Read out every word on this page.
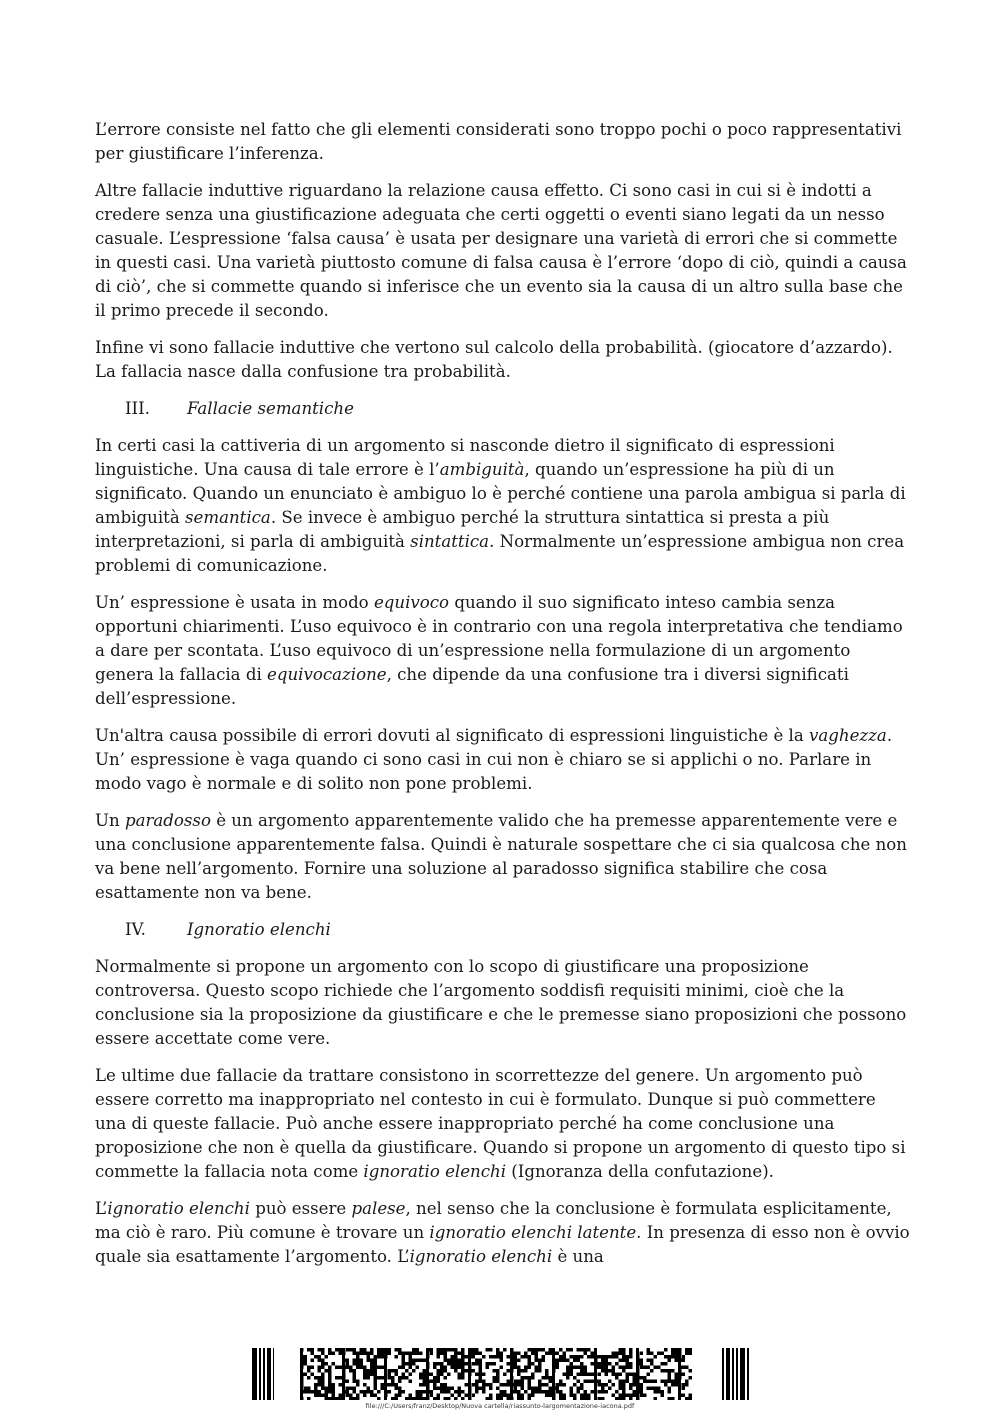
L’errore consiste nel fatto che gli elementi considerati sono troppo pochi o poco rappresentativi per giustificare l’inferenza.

Altre fallacie induttive riguardano la relazione causa effetto. Ci sono casi in cui si è indotti a credere senza una giustificazione adeguata che certi oggetti o eventi siano legati da un nesso casuale. L’espressione ‘falsa causa’ è usata per designare una varietà di errori che si commette in questi casi. Una varietà piuttosto comune di falsa causa è l’errore ‘dopo di ciò, quindi a causa di ciò’, che si commette quando si inferisce che un evento sia la causa di un altro sulla base che il primo precede il secondo.

Infine vi sono fallacie induttive che vertono sul calcolo della probabilità. (giocatore d’azzardo). La fallacia nasce dalla confusione tra probabilità.

III.	Fallacie semantiche

In certi casi la cattiveria di un argomento si nasconde dietro il significato di espressioni linguistiche. Una causa di tale errore è l’ambiguità, quando un’espressione ha più di un significato. Quando un enunciato è ambiguo lo è perché contiene una parola ambigua si parla di ambiguità semantica. Se invece è ambiguo perché la struttura sintattica si presta a più interpretazioni, si parla di ambiguità sintattica. Normalmente un’espressione ambigua non crea problemi di comunicazione.

Un’ espressione è usata in modo equivoco quando il suo significato inteso cambia senza opportuni chiarimenti. L’uso equivoco è in contrario con una regola interpretativa che tendiamo a dare per scontata. L’uso equivoco di un’espressione nella formulazione di un argomento genera la fallacia di equivocazione, che dipende da una confusione tra i diversi significati dell’espressione.

Un'altra causa possibile di errori dovuti al significato di espressioni linguistiche è la vaghezza. Un’ espressione è vaga quando ci sono casi in cui non è chiaro se si applichi o no. Parlare in modo vago è normale e di solito non pone problemi.

Un paradosso è un argomento apparentemente valido che ha premesse apparentemente vere e una conclusione apparentemente falsa. Quindi è naturale sospettare che ci sia qualcosa che non va bene nell’argomento. Fornire una soluzione al paradosso significa stabilire che cosa esattamente non va bene.

IV.	Ignoratio elenchi

Normalmente si propone un argomento con lo scopo di giustificare una proposizione controversa. Questo scopo richiede che l’argomento soddisfi requisiti minimi, cioè che la conclusione sia la proposizione da giustificare e che le premesse siano proposizioni che possono essere accettate come vere.

Le ultime due fallacie da trattare consistono in scorrettezze del genere. Un argomento può essere corretto ma inappropriato nel contesto in cui è formulato. Dunque si può commettere una di queste fallacie. Può anche essere inappropriato perché ha come conclusione una proposizione che non è quella da giustificare. Quando si propone un argomento di questo tipo si commette la fallacia nota come ignoratio elenchi (Ignoranza della confutazione).

L’ignoratio elenchi può essere palese, nel senso che la conclusione è formulata esplicitamente, ma ciò è raro. Più comune è trovare un ignoratio elenchi latente. In presenza di esso non è ovvio quale sia esattamente l’argomento. L’ignoratio elenchi è una

file:///C:/Users/franz/Desktop/Nuova cartella/riassunto-largomentazione-iacona.pdf
